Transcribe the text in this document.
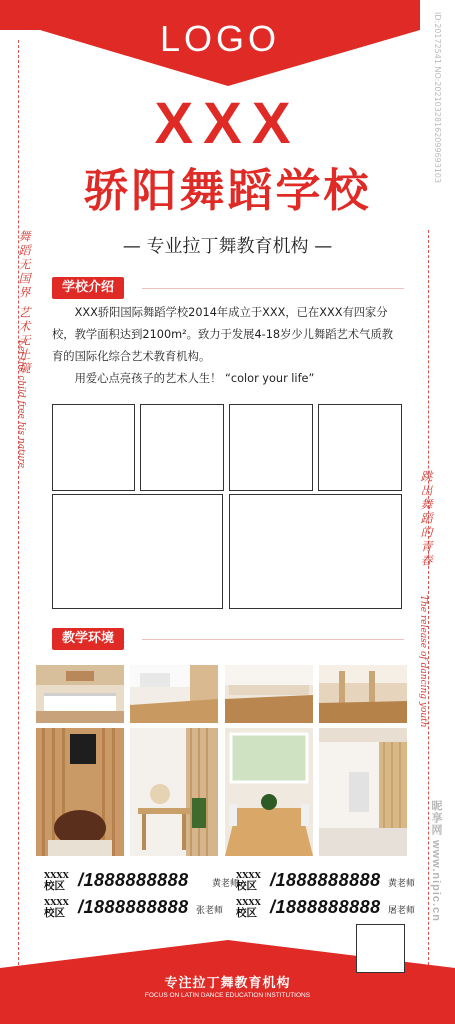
LOGO	ID:20172541 NO:20210328162099693103
舞蹈无国界 艺术无止境
Let the child free his nature
跳出舞蹈的青春
The release of dancing youth
XXX
骄阳舞蹈学校
— 专业拉丁舞教育机构 —
学校介绍

XXX骄阳国际舞蹈学校2014年成立于XXX，已在XXX有四家分校，教学面积达到2100m²。致力于发展4-18岁少儿舞蹈艺术气质教育的国际化综合艺术教育机构。

用爱心点亮孩子的艺术人生！ “color your life”

教学环境
XXXX
校区 /1888888888	黄老师
XXXX
校区 /1888888888 黄老师
XXXX
校区 /1888888888 张老师
XXXX
校区 /1888888888 屠老师
专注拉丁舞教育机构
FOCUS ON LATIN DANCE EDUCATION INSTITUTIONS
昵享网 www.nipic.cn
